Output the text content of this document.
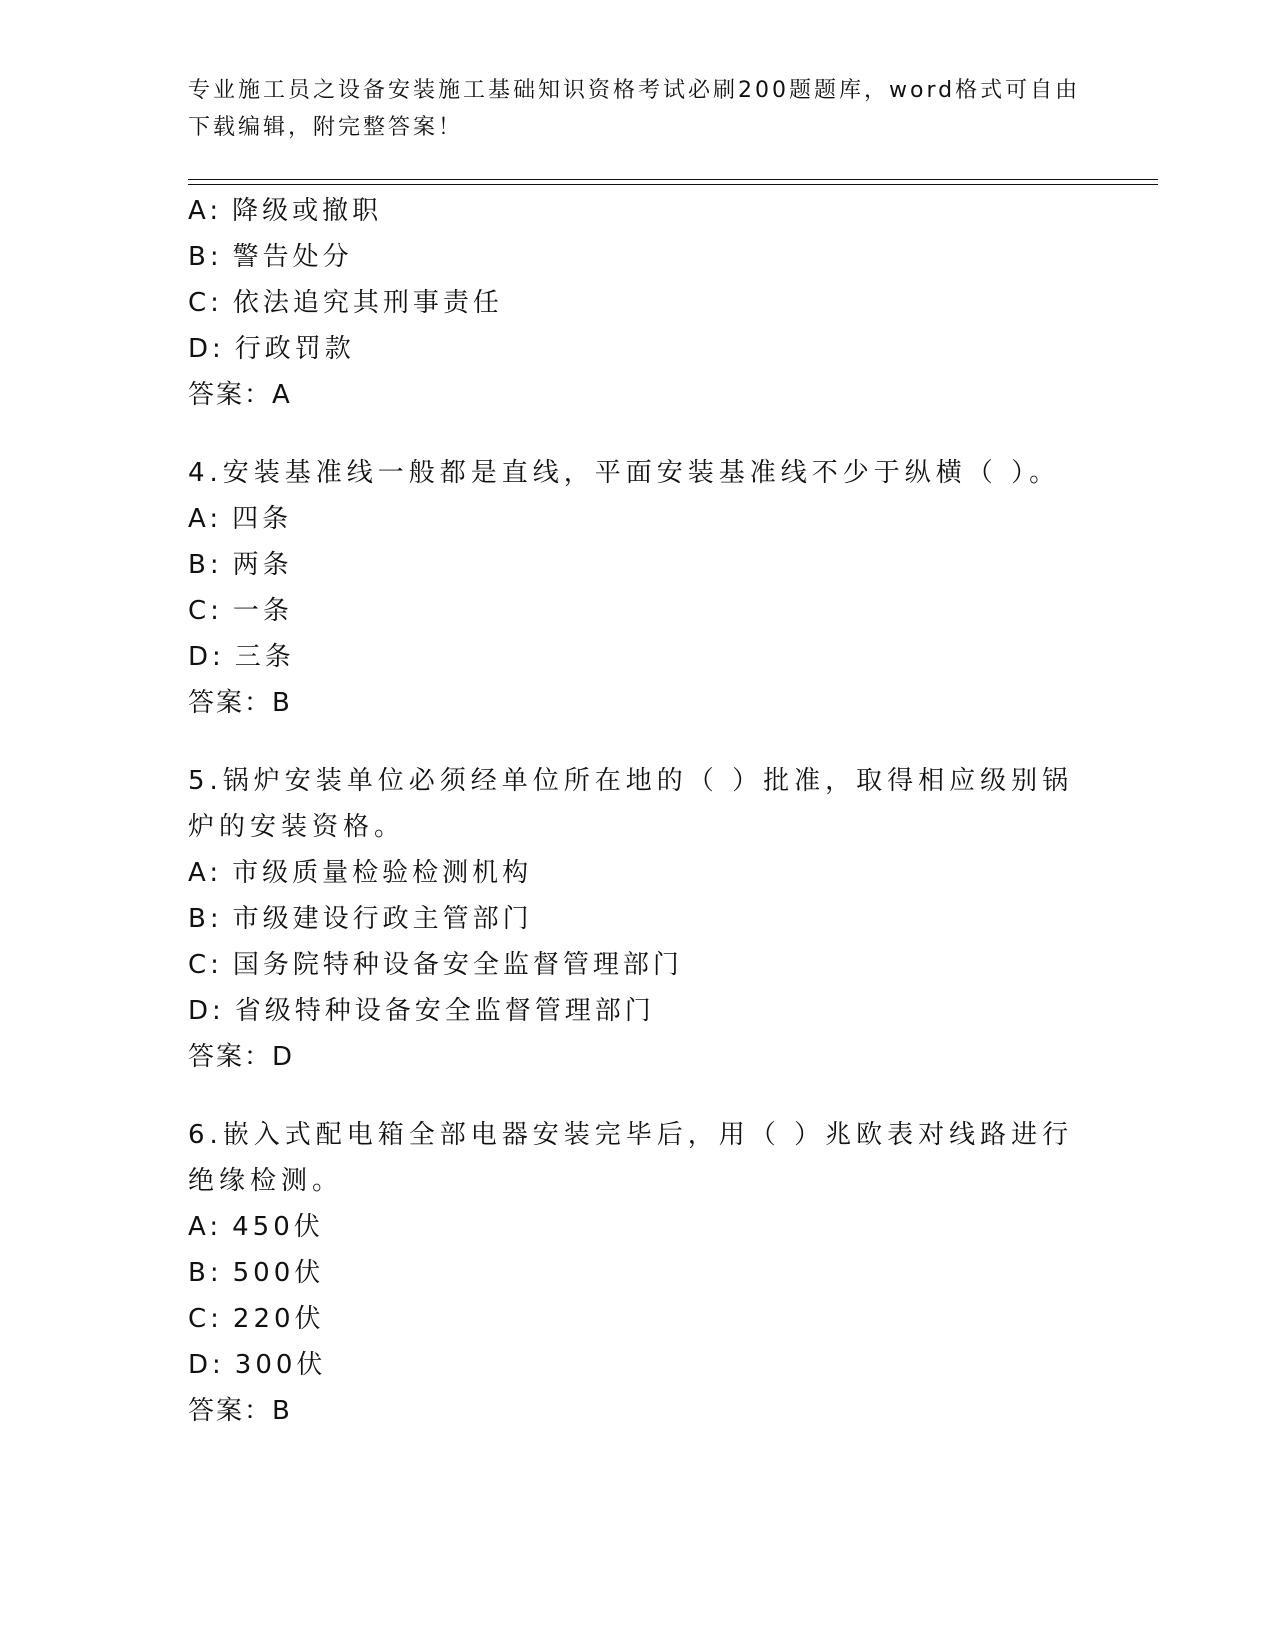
专业施工员之设备安装施工基础知识资格考试必刷200题题库，word格式可自由
下载编辑，附完整答案！
A: 降级或撤职
B: 警告处分
C: 依法追究其刑事责任
D: 行政罚款
答案：A
4.安装基准线一般都是直线，平面安装基准线不少于纵横（ ）。
A: 四条
B: 两条
C: 一条
D: 三条
答案：B
5.锅炉安装单位必须经单位所在地的（ ）批准，取得相应级别锅炉的安装资格。
A: 市级质量检验检测机构
B: 市级建设行政主管部门
C: 国务院特种设备安全监督管理部门
D: 省级特种设备安全监督管理部门
答案：D
6.嵌入式配电箱全部电器安装完毕后，用（ ）兆欧表对线路进行绝缘检测。
A: 450伏
B: 500伏
C: 220伏
D: 300伏
答案：B
